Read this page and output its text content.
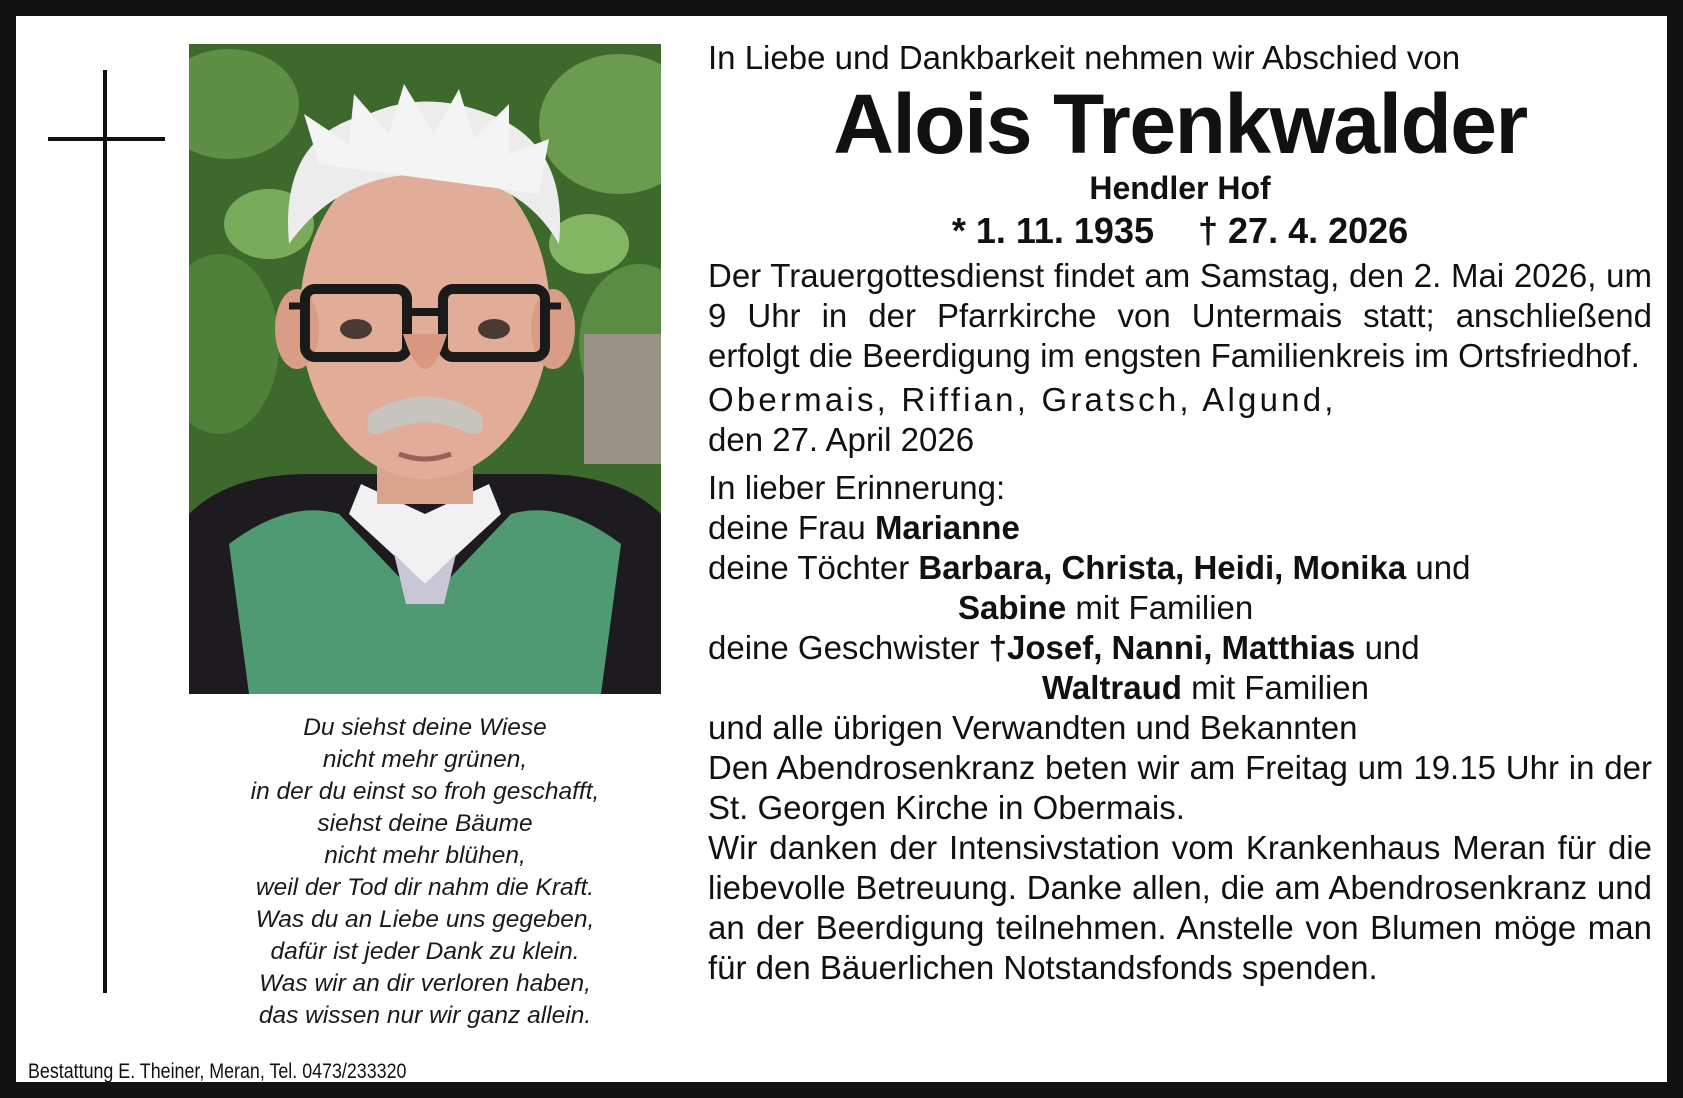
Du siehst deine Wiese
nicht mehr grünen,
in der du einst so froh geschafft,
siehst deine Bäume
nicht mehr blühen,
weil der Tod dir nahm die Kraft.
Was du an Liebe uns gegeben,
dafür ist jeder Dank zu klein.
Was wir an dir verloren haben,
das wissen nur wir ganz allein.
Bestattung E. Theiner, Meran, Tel. 0473/233320
In Liebe und Dankbarkeit nehmen wir Abschied von
Alois Trenkwalder
Hendler Hof
* 1. 11. 1935 † 27. 4. 2026
Der Trauergottesdienst findet am Samstag, den 2. Mai 2026, um 9 Uhr in der Pfarrkirche von Untermais statt; anschließend erfolgt die Beerdigung im engsten Familienkreis im Ortsfriedhof.
Obermais, Riffian, Gratsch, Algund,
den 27. April 2026
In lieber Erinnerung:
deine Frau Marianne
deine Töchter Barbara, Christa, Heidi, Monika und
Sabine mit Familien
deine Geschwister †Josef, Nanni, Matthias und
Waltraud mit Familien
und alle übrigen Verwandten und Bekannten
Den Abendrosenkranz beten wir am Freitag um 19.15 Uhr in der St. Georgen Kirche in Obermais.
Wir danken der Intensivstation vom Krankenhaus Meran für die liebevolle Betreuung. Danke allen, die am Abendrosenkranz und an der Beerdigung teilnehmen. Anstelle von Blumen möge man für den Bäuerlichen Notstandsfonds spenden.
